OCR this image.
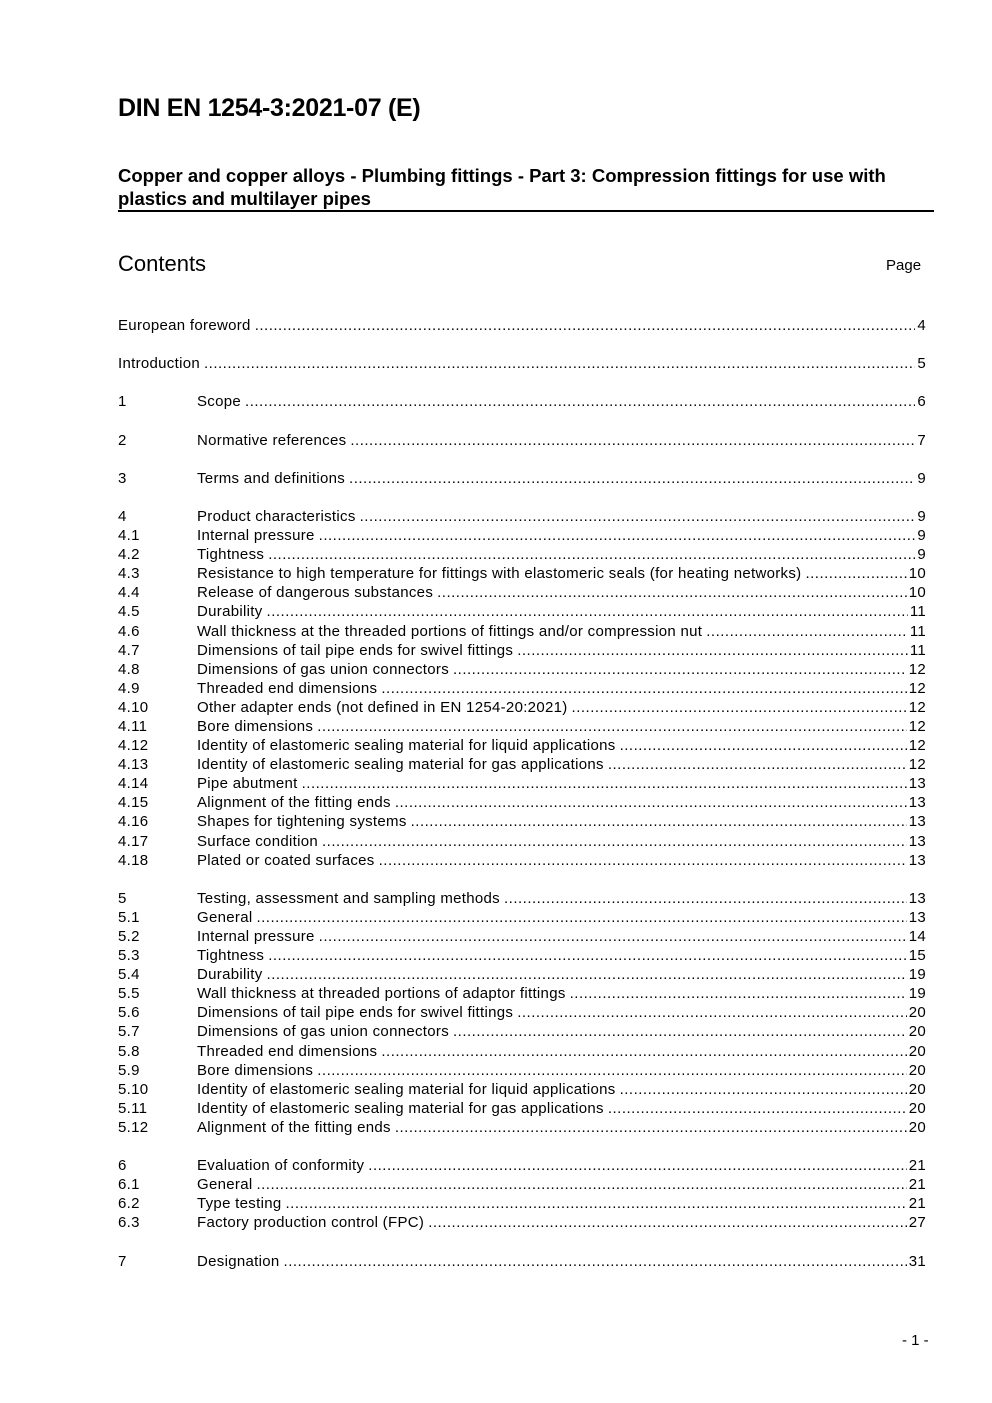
DIN EN 1254-3:2021-07 (E)
Copper and copper alloys - Plumbing fittings - Part 3: Compression fittings for use with plastics and multilayer pipes
Contents	Page
European foreword .....	4
Introduction .....	5
1	Scope .....	6
2	Normative references .....	7
3	Terms and definitions .....	9
4	Product characteristics .....	9
4.1	Internal pressure .....	9
4.2	Tightness .....	9
4.3	Resistance to high temperature for fittings with elastomeric seals (for heating networks) .....	10
4.4	Release of dangerous substances .....	10
4.5	Durability .....	11
4.6	Wall thickness at the threaded portions of fittings and/or compression nut .....	11
4.7	Dimensions of tail pipe ends for swivel fittings .....	11
4.8	Dimensions of gas union connectors .....	12
4.9	Threaded end dimensions .....	12
4.10	Other adapter ends (not defined in EN 1254-20:2021) .....	12
4.11	Bore dimensions .....	12
4.12	Identity of elastomeric sealing material for liquid applications .....	12
4.13	Identity of elastomeric sealing material for gas applications .....	12
4.14	Pipe abutment .....	13
4.15	Alignment of the fitting ends .....	13
4.16	Shapes for tightening systems .....	13
4.17	Surface condition .....	13
4.18	Plated or coated surfaces .....	13
5	Testing, assessment and sampling methods .....	13
5.1	General .....	13
5.2	Internal pressure .....	14
5.3	Tightness .....	15
5.4	Durability .....	19
5.5	Wall thickness at threaded portions of adaptor fittings .....	19
5.6	Dimensions of tail pipe ends for swivel fittings .....	20
5.7	Dimensions of gas union connectors .....	20
5.8	Threaded end dimensions .....	20
5.9	Bore dimensions .....	20
5.10	Identity of elastomeric sealing material for liquid applications .....	20
5.11	Identity of elastomeric sealing material for gas applications .....	20
5.12	Alignment of the fitting ends .....	20
6	Evaluation of conformity .....	21
6.1	General .....	21
6.2	Type testing .....	21
6.3	Factory production control (FPC) .....	27
7	Designation .....	31
- 1 -
